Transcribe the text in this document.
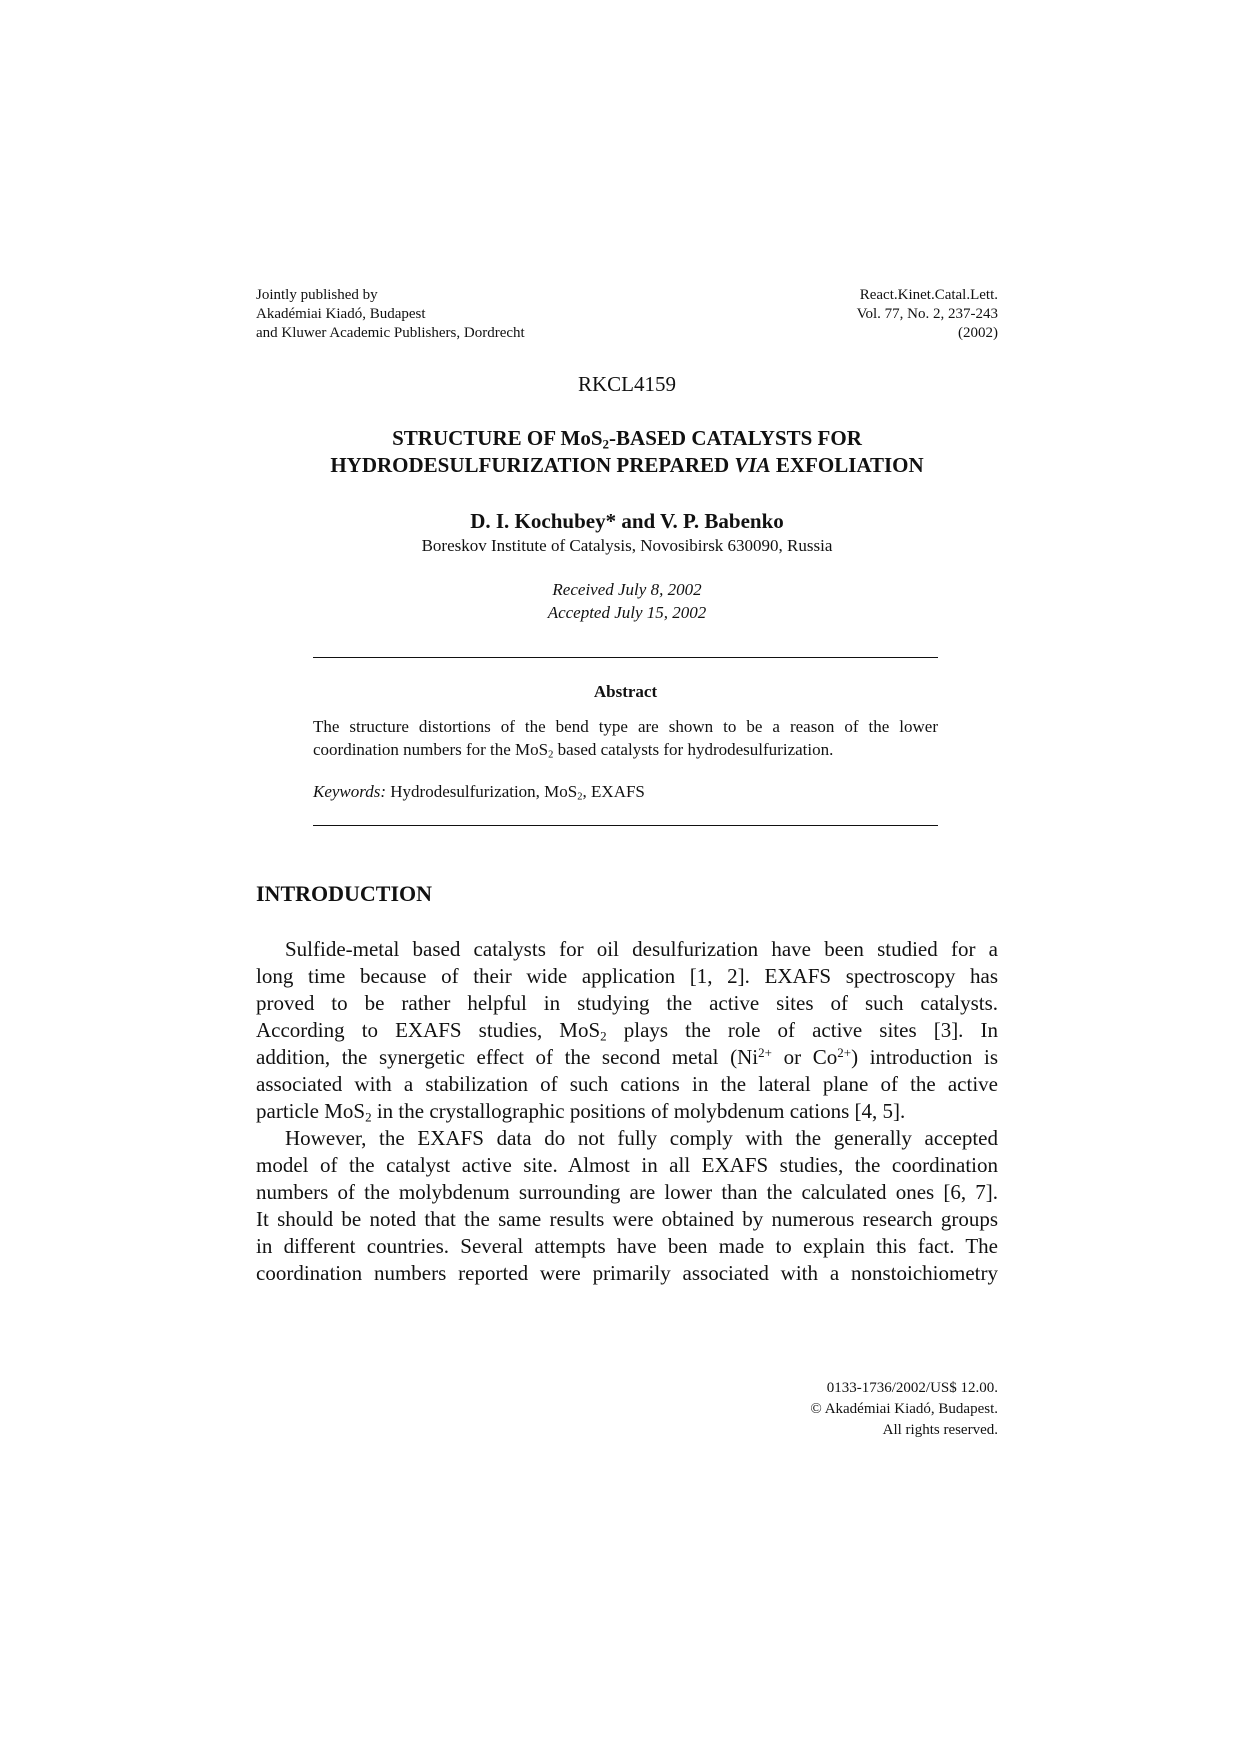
Jointly published by
Akadémiai Kiadó, Budapest
and Kluwer Academic Publishers, Dordrecht
React.Kinet.Catal.Lett.
Vol. 77, No. 2, 237-243
(2002)
RKCL4159
STRUCTURE OF MoS$_2$-BASED CATALYSTS FOR
HYDRODESULFURIZATION PREPARED VIA EXFOLIATION
D. I. Kochubey* and V. P. Babenko
Boreskov Institute of Catalysis, Novosibirsk 630090, Russia
Received July 8, 2002
Accepted July 15, 2002
Abstract
The structure distortions of the bend type are shown to be a reason of the lower
coordination numbers for the MoS$_2$ based catalysts for hydrodesulfurization.
Keywords: Hydrodesulfurization, MoS$_2$, EXAFS
INTRODUCTION
Sulfide-metal based catalysts for oil desulfurization have been studied for a
long time because of their wide application [1, 2]. EXAFS spectroscopy has
proved to be rather helpful in studying the active sites of such catalysts.
According to EXAFS studies, MoS$_2$ plays the role of active sites [3]. In
addition, the synergetic effect of the second metal ($Ni^{2+}$ or $Co^{2+}$) introduction is
associated with a stabilization of such cations in the lateral plane of the active
particle MoS$_2$ in the crystallographic positions of molybdenum cations [4, 5].
However, the EXAFS data do not fully comply with the generally accepted
model of the catalyst active site. Almost in all EXAFS studies, the coordination
numbers of the molybdenum surrounding are lower than the calculated ones [6, 7].
It should be noted that the same results were obtained by numerous research groups
in different countries. Several attempts have been made to explain this fact. The
coordination numbers reported were primarily associated with a nonstoichiometry
0133-1736/2002/US$ 12.00.
© Akadémiai Kiadó, Budapest.
All rights reserved.
